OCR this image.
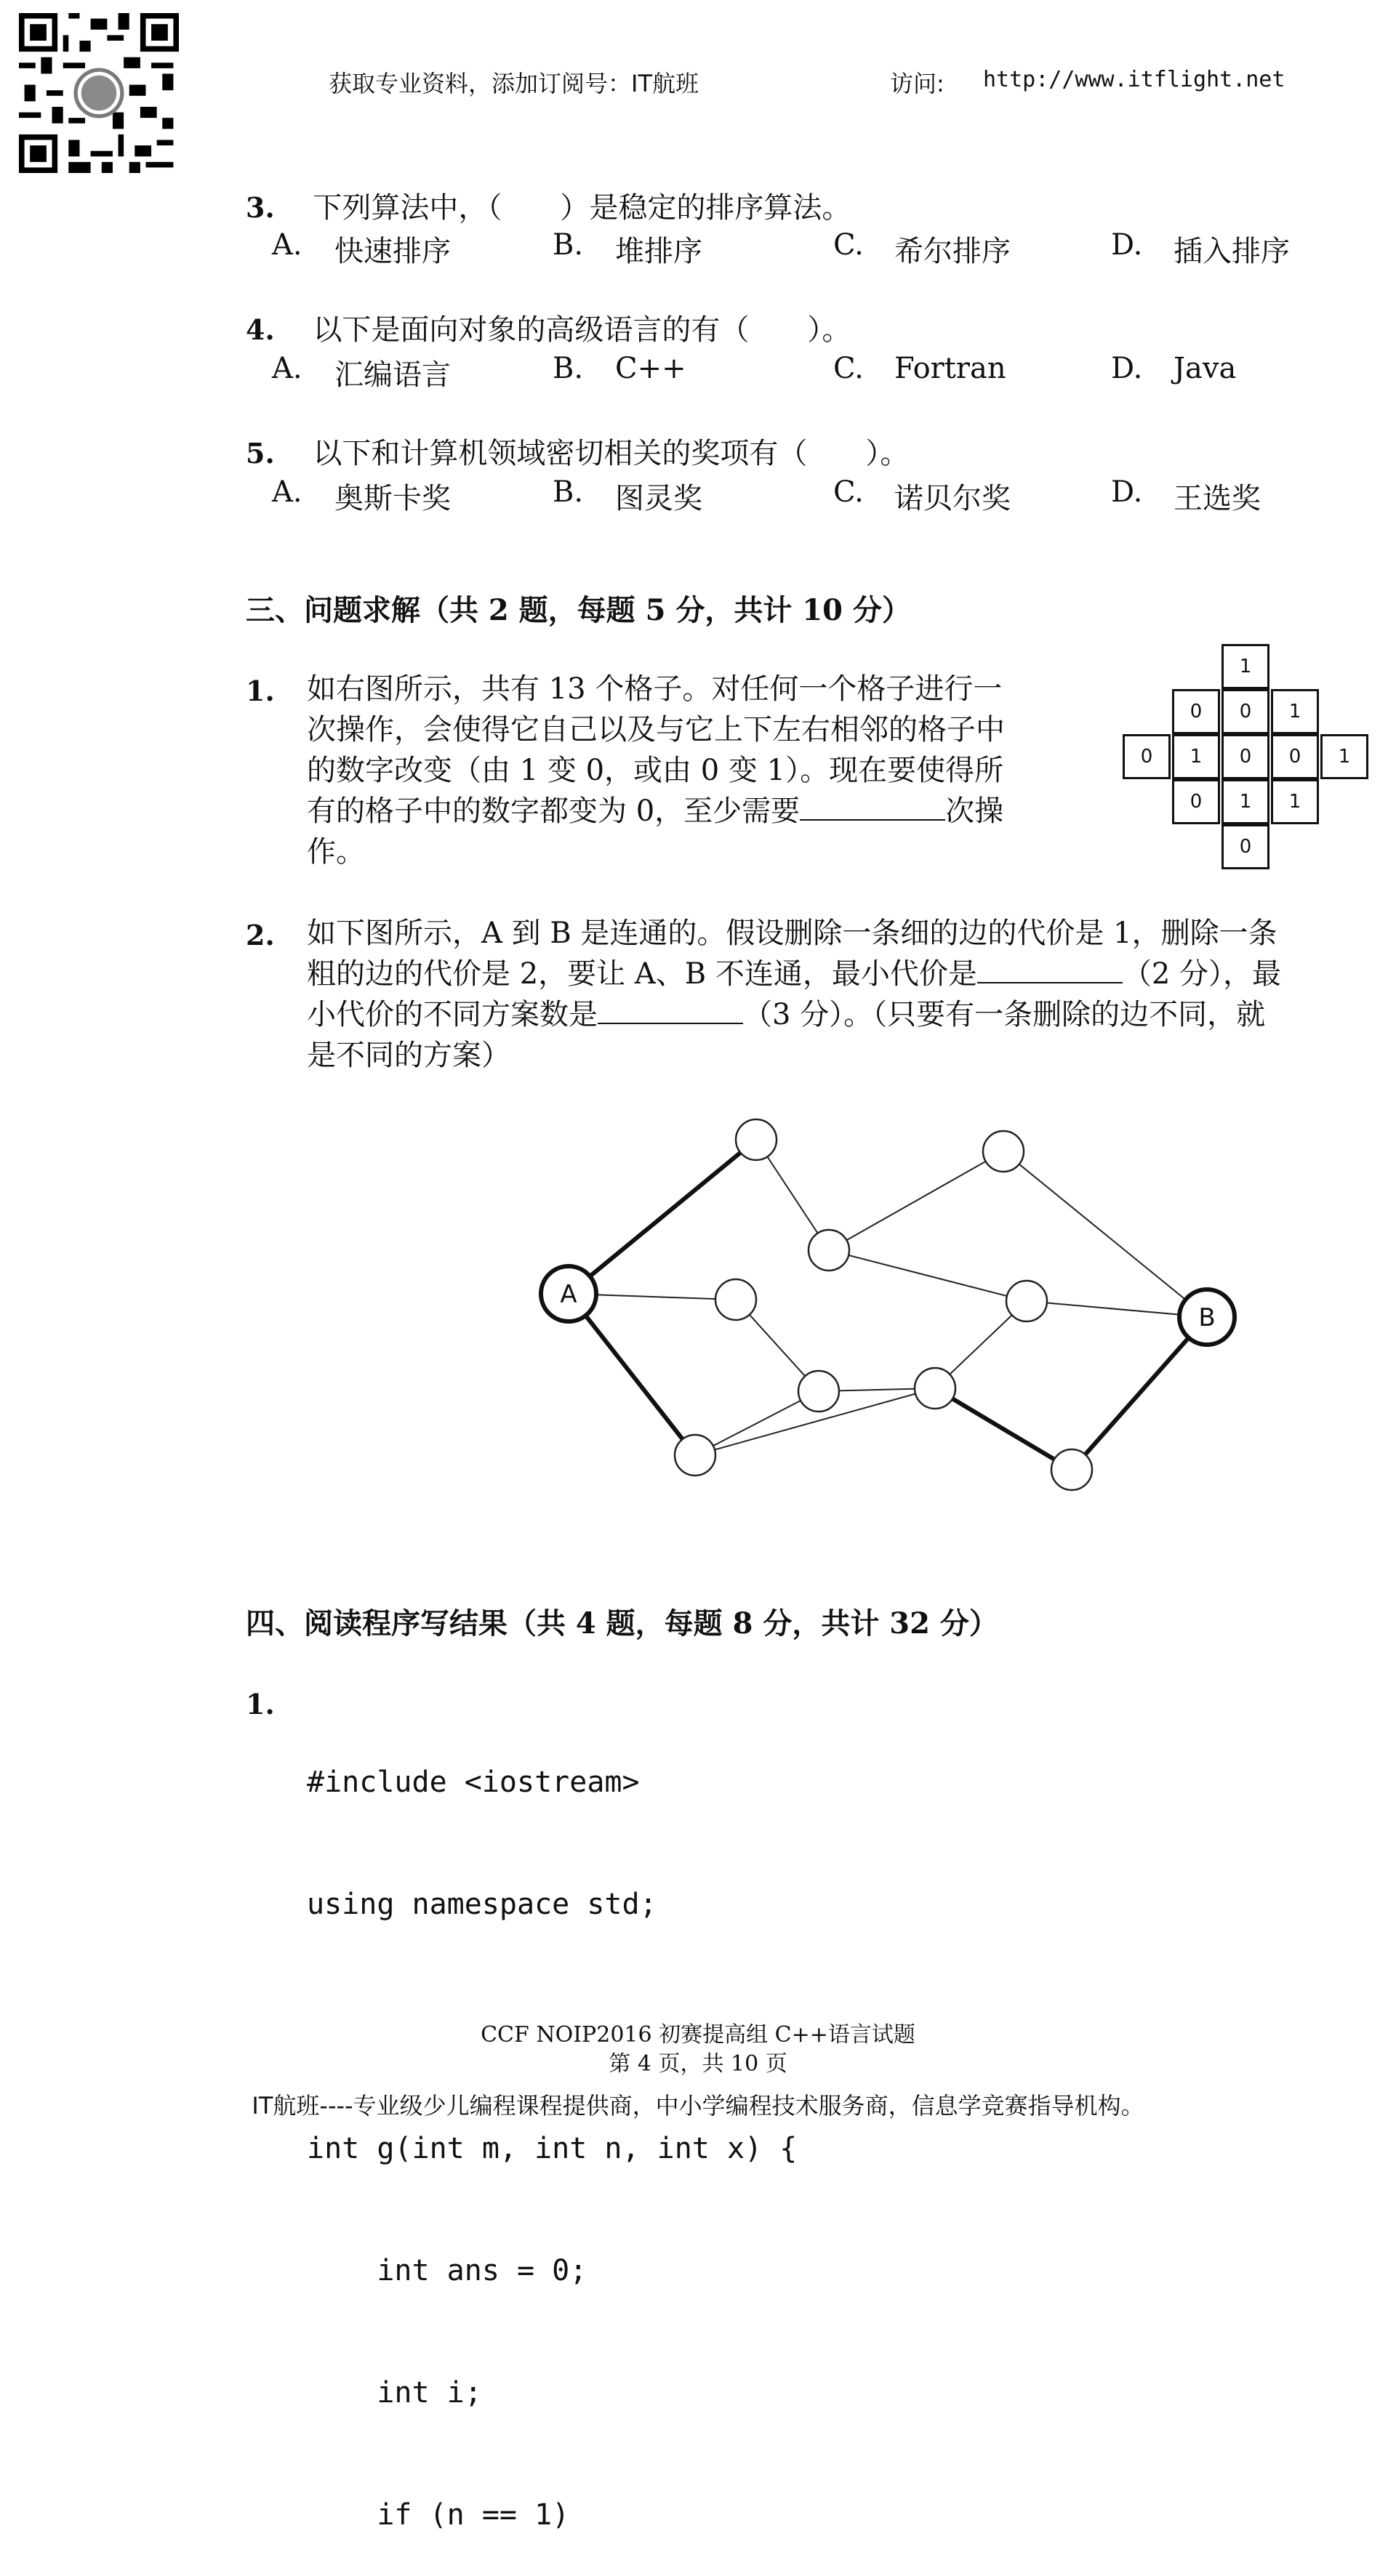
获取专业资料，添加订阅号：IT航班	访问: http://www.itflight.net
3. 下列算法中，（　　）是稳定的排序算法。
A. 快速排序	B. 堆排序	C. 希尔排序	D. 插入排序
4. 以下是面向对象的高级语言的有（　　）。
A. 汇编语言	B. C++	C. Fortran	D. Java
5. 以下和计算机领域密切相关的奖项有（　　）。
A. 奥斯卡奖	B. 图灵奖	C. 诺贝尔奖	D. 王选奖
三、问题求解（共 2 题，每题 5 分，共计 10 分）
1. 如右图所示，共有 13 个格子。对任何一个格子进行一
次操作，会使得它自己以及与它上下左右相邻的格子中
的数字改变（由 1 变 0，或由 0 变 1）。现在要使得所
有的格子中的数字都变为 0，至少需要	次操
作。
1
0	0	1
0	1	0	0	1
0	1	1
0
2. 如下图所示，A 到 B 是连通的。假设删除一条细的边的代价是 1，删除一条
粗的边的代价是 2，要让 A、B 不连通，最小代价是	（2 分），最
小代价的不同方案数是	（3 分）。（只要有一条删除的边不同，就
是不同的方案）
A
B
四、阅读程序写结果（共 4 题，每题 8 分，共计 32 分）
1.

#include <iostream>

using namespace std;

int g(int m, int n, int x) {

int ans = 0;

int i;

if (n == 1)

CCF NOIP2016 初赛提高组 C++语言试题
第 4 页，共 10 页
IT航班----专业级少儿编程课程提供商，中小学编程技术服务商，信息学竞赛指导机构。
